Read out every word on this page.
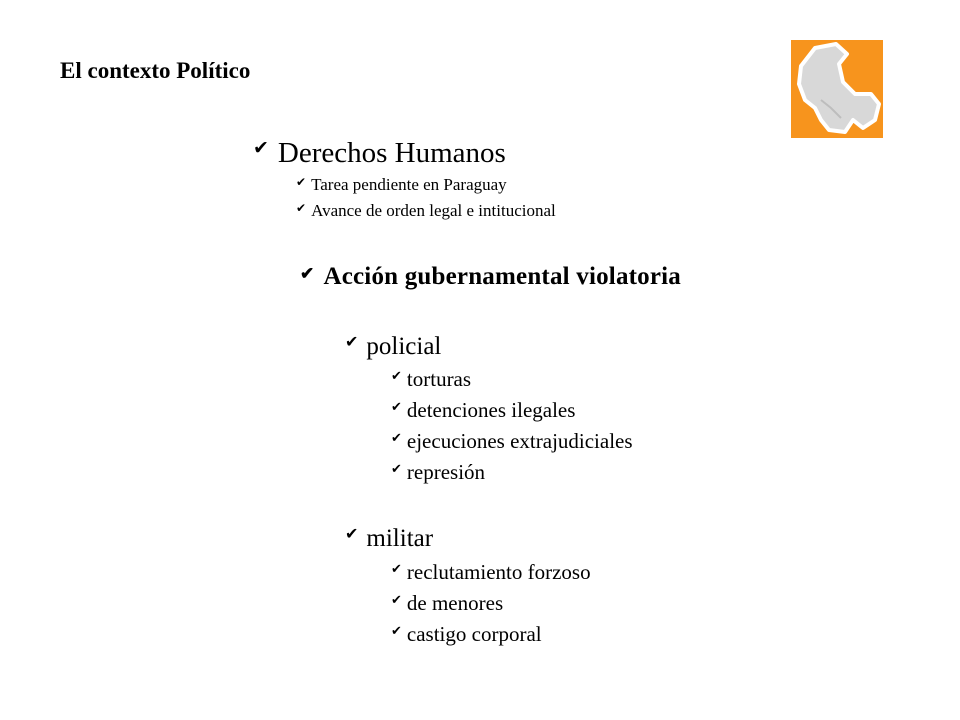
El contexto Político
✔ Derechos Humanos
✔ Tarea pendiente en Paraguay
✔ Avance de orden legal e intitucional
✔ Acción gubernamental violatoria
✔ policial
✔ torturas
✔ detenciones ilegales
✔ ejecuciones extrajudiciales
✔ represión
✔ militar
✔ reclutamiento forzoso
✔ de menores
✔ castigo corporal
